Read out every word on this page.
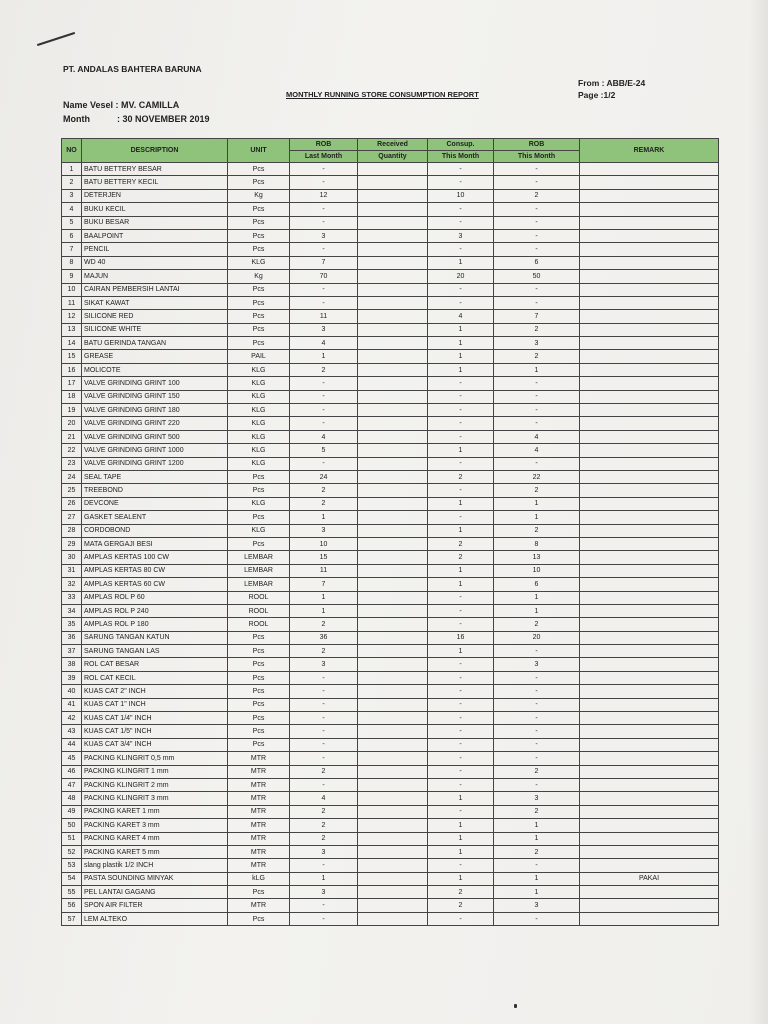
PT. ANDALAS BAHTERA BARUNA
From : ABB/E-24
MONTHLY RUNNING STORE CONSUMPTION REPORT	Page :1/2
Name Vesel : MV. CAMILLA
Month	: 30 NOVEMBER 2019
NO	DESCRIPTION	UNIT	ROB	Received	Consup.	ROB	REMARK
			Last Month	Quantity	This Month	This Month	
1	BATU BETTERY BESAR	Pcs	-		-	-	
2	BATU BETTERY KECIL	Pcs	-		-	-	
3	DETERJEN	Kg	12		10	2	
4	BUKU KECIL	Pcs	-		-	-	
5	BUKU BESAR	Pcs	-		-	-	
6	BAALPOINT	Pcs	3		3	-	
7	PENCIL	Pcs	-		-	-	
8	WD 40	KLG	7		1	6	
9	MAJUN	Kg	70		20	50	
10	CAIRAN PEMBERSIH LANTAI	Pcs	-		-	-	
11	SIKAT KAWAT	Pcs	-		-	-	
12	SILICONE RED	Pcs	11		4	7	
13	SILICONE WHITE	Pcs	3		1	2	
14	BATU GERINDA TANGAN	Pcs	4		1	3	
15	GREASE	PAIL	1		1	2	
16	MOLICOTE	KLG	2		1	1	
17	VALVE GRINDING GRINT 100	KLG	-		-	-	
18	VALVE GRINDING GRINT 150	KLG	-		-	-	
19	VALVE GRINDING GRINT 180	KLG	-		-	-	
20	VALVE GRINDING GRINT 220	KLG	-		-	-	
21	VALVE GRINDING GRINT 500	KLG	4		-	4	
22	VALVE GRINDING GRINT 1000	KLG	5		1	4	
23	VALVE GRINDING GRINT 1200	KLG	-		-	-	
24	SEAL TAPE	Pcs	24		2	22	
25	TREEBOND	Pcs	2		-	2	
26	DEVCONE	KLG	2		1	1	
27	GASKET SEALENT	Pcs	1		-	1	
28	CORDOBOND	KLG	3		1	2	
29	MATA GERGAJI BESI	Pcs	10		2	8	
30	AMPLAS KERTAS 100 CW	LEMBAR	15		2	13	
31	AMPLAS KERTAS 80 CW	LEMBAR	11		1	10	
32	AMPLAS KERTAS 60 CW	LEMBAR	7		1	6	
33	AMPLAS ROL P 60	ROOL	1		-	1	
34	AMPLAS ROL P 240	ROOL	1		-	1	
35	AMPLAS ROL P 180	ROOL	2		-	2	
36	SARUNG TANGAN KATUN	Pcs	36		16	20	
37	SARUNG TANGAN LAS	Pcs	2		1	-	
38	ROL CAT BESAR	Pcs	3		-	3	
39	ROL CAT KECIL	Pcs	-		-	-	
40	KUAS CAT 2" INCH	Pcs	-		-	-	
41	KUAS CAT 1" INCH	Pcs	-		-	-	
42	KUAS CAT 1/4" INCH	Pcs	-		-	-	
43	KUAS CAT 1/5" INCH	Pcs	-		-	-	
44	KUAS CAT 3/4" INCH	Pcs	-		-	-	
45	PACKING KLINGRIT 0,5 mm	MTR	-		-	-	
46	PACKING KLINGRIT 1 mm	MTR	2		-	2	
47	PACKING KLINGRIT 2 mm	MTR	-		-	-	
48	PACKING KLINGRIT 3 mm	MTR	4		1	3	
49	PACKING KARET 1 mm	MTR	2		-	2	
50	PACKING KARET 3 mm	MTR	2		1	1	
51	PACKING KARET 4 mm	MTR	2		1	1	
52	PACKING KARET 5 mm	MTR	3		1	2	
53	slang plastik 1/2 INCH	MTR	-		-	-	
54	PASTA SOUNDING MINYAK	kLG	1		1	1	PAKAI
55	PEL LANTAI GAGANG	Pcs	3		2	1	
56	SPON AIR FILTER	MTR	-		2	3	
57	LEM ALTEKO	Pcs	-		-	-	
